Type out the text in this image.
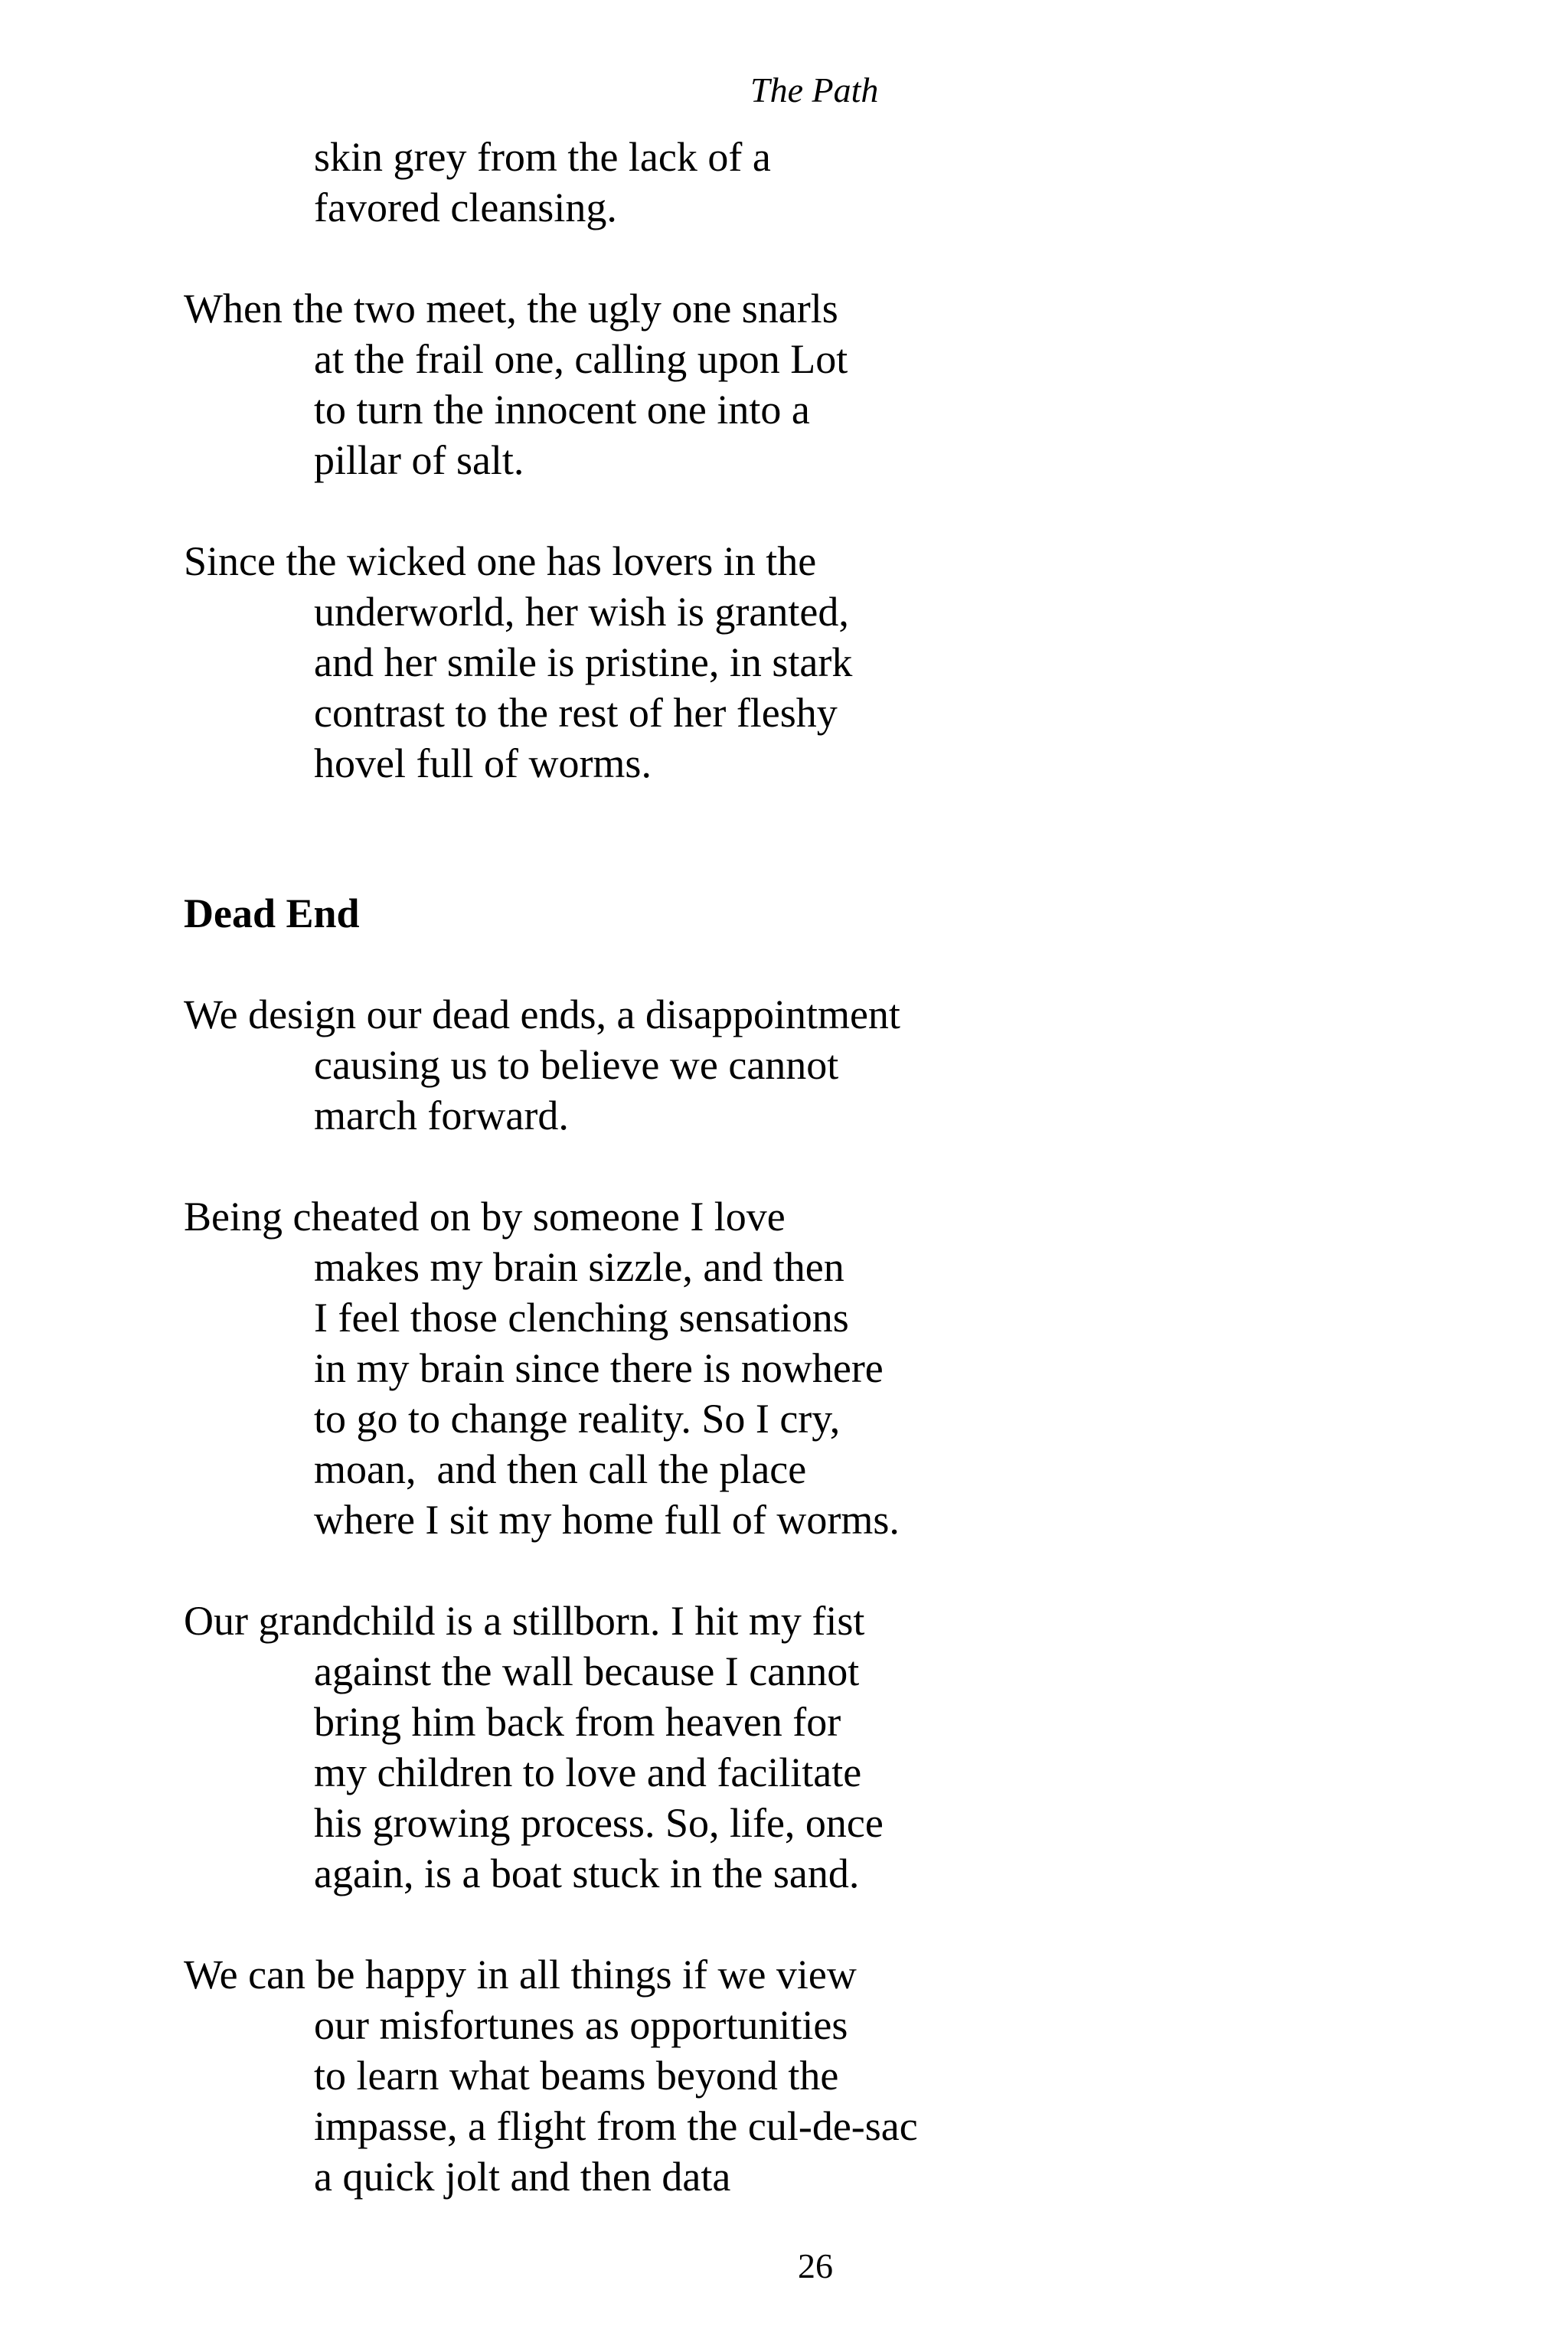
The Path
skin grey from the lack of a
favored cleansing.
When the two meet, the ugly one snarls
at the frail one, calling upon Lot
to turn the innocent one into a
pillar of salt.
Since the wicked one has lovers in the
underworld, her wish is granted,
and her smile is pristine, in stark
contrast to the rest of her fleshy
hovel full of worms.
Dead End
We design our dead ends, a disappointment
causing us to believe we cannot
march forward.
Being cheated on by someone I love
makes my brain sizzle, and then
I feel those clenching sensations
in my brain since there is nowhere
to go to change reality. So I cry,
moan,  and then call the place
where I sit my home full of worms.
Our grandchild is a stillborn. I hit my fist
against the wall because I cannot
bring him back from heaven for
my children to love and facilitate
his growing process. So, life, once
again, is a boat stuck in the sand.
We can be happy in all things if we view
our misfortunes as opportunities
to learn what beams beyond the
impasse, a flight from the cul-de-sac
a quick jolt and then data
26
